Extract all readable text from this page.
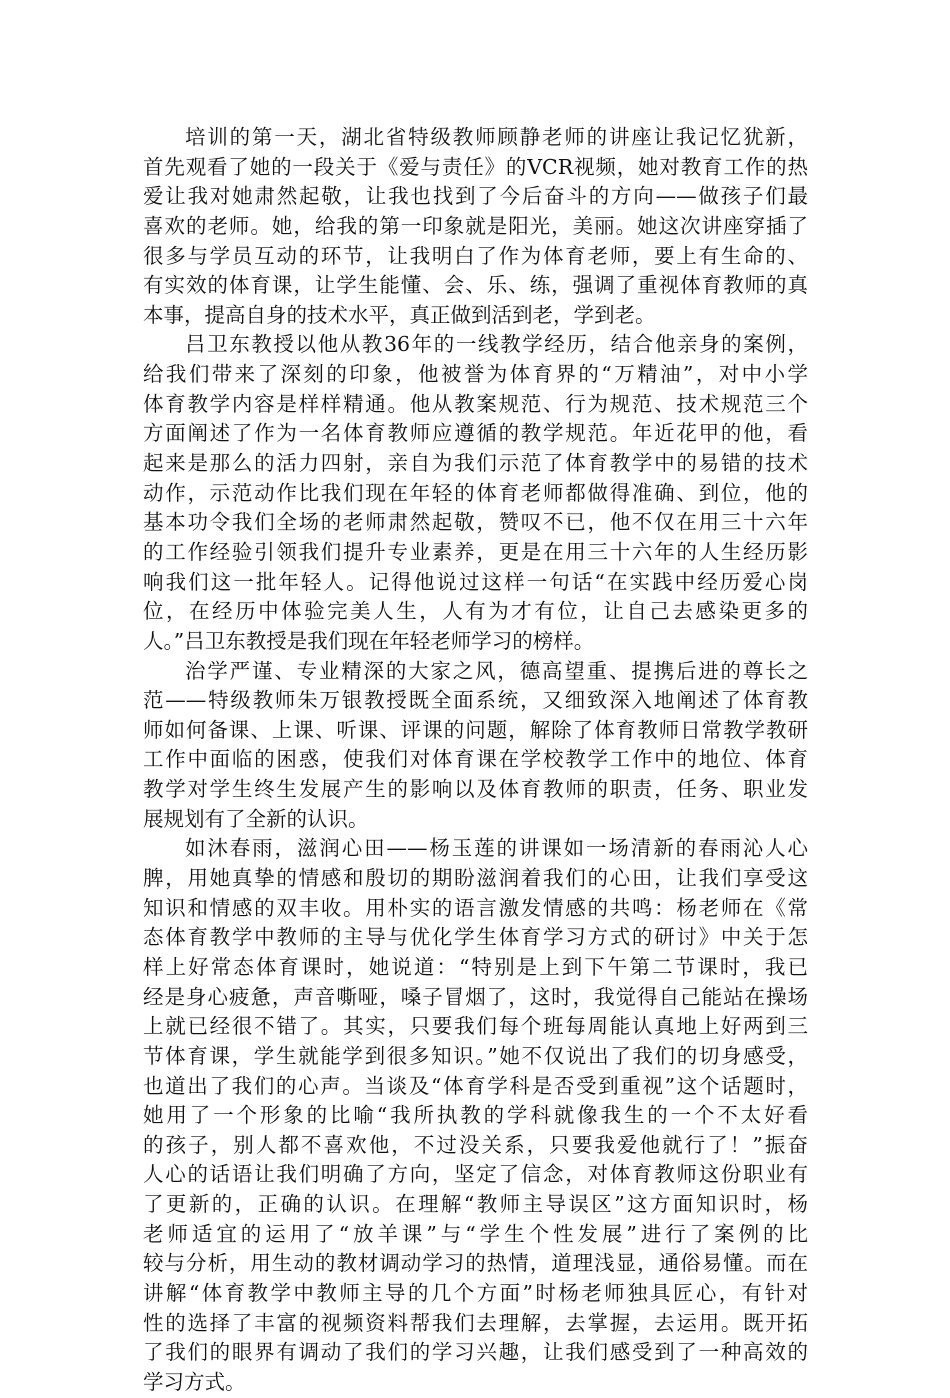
培训的第一天，湖北省特级教师顾静老师的讲座让我记忆犹新，
首先观看了她的一段关于《爱与责任》的VCR视频，她对教育工作的热
爱让我对她肃然起敬，让我也找到了今后奋斗的方向——做孩子们最
喜欢的老师。她，给我的第一印象就是阳光，美丽。她这次讲座穿插了
很多与学员互动的环节，让我明白了作为体育老师，要上有生命的、
有实效的体育课，让学生能懂、会、乐、练，强调了重视体育教师的真
本事，提高自身的技术水平，真正做到活到老，学到老。
吕卫东教授以他从教36年的一线教学经历，结合他亲身的案例，
给我们带来了深刻的印象，他被誉为体育界的“万精油”，对中小学
体育教学内容是样样精通。他从教案规范、行为规范、技术规范三个
方面阐述了作为一名体育教师应遵循的教学规范。年近花甲的他，看
起来是那么的活力四射，亲自为我们示范了体育教学中的易错的技术
动作，示范动作比我们现在年轻的体育老师都做得准确、到位，他的
基本功令我们全场的老师肃然起敬，赞叹不已，他不仅在用三十六年
的工作经验引领我们提升专业素养，更是在用三十六年的人生经历影
响我们这一批年轻人。记得他说过这样一句话“在实践中经历爱心岗
位，在经历中体验完美人生，人有为才有位，让自己去感染更多的
人。”吕卫东教授是我们现在年轻老师学习的榜样。
治学严谨、专业精深的大家之风，德高望重、提携后进的尊长之
范——特级教师朱万银教授既全面系统，又细致深入地阐述了体育教
师如何备课、上课、听课、评课的问题，解除了体育教师日常教学教研
工作中面临的困惑，使我们对体育课在学校教学工作中的地位、体育
教学对学生终生发展产生的影响以及体育教师的职责，任务、职业发
展规划有了全新的认识。
如沐春雨，滋润心田——杨玉莲的讲课如一场清新的春雨沁人心
脾，用她真挚的情感和殷切的期盼滋润着我们的心田，让我们享受这
知识和情感的双丰收。用朴实的语言激发情感的共鸣：杨老师在《常
态体育教学中教师的主导与优化学生体育学习方式的研讨》中关于怎
样上好常态体育课时，她说道：“特别是上到下午第二节课时，我已
经是身心疲惫，声音嘶哑，嗓子冒烟了，这时，我觉得自己能站在操场
上就已经很不错了。其实，只要我们每个班每周能认真地上好两到三
节体育课，学生就能学到很多知识。”她不仅说出了我们的切身感受，
也道出了我们的心声。当谈及“体育学科是否受到重视”这个话题时，
她用了一个形象的比喻“我所执教的学科就像我生的一个不太好看
的孩子，别人都不喜欢他，不过没关系，只要我爱他就行了！”振奋
人心的话语让我们明确了方向，坚定了信念，对体育教师这份职业有
了更新的，正确的认识。在理解“教师主导误区”这方面知识时，杨
老师适宜的运用了“放羊课”与“学生个性发展”进行了案例的比
较与分析，用生动的教材调动学习的热情，道理浅显，通俗易懂。而在
讲解“体育教学中教师主导的几个方面”时杨老师独具匠心，有针对
性的选择了丰富的视频资料帮我们去理解，去掌握，去运用。既开拓
了我们的眼界有调动了我们的学习兴趣，让我们感受到了一种高效的
学习方式。
